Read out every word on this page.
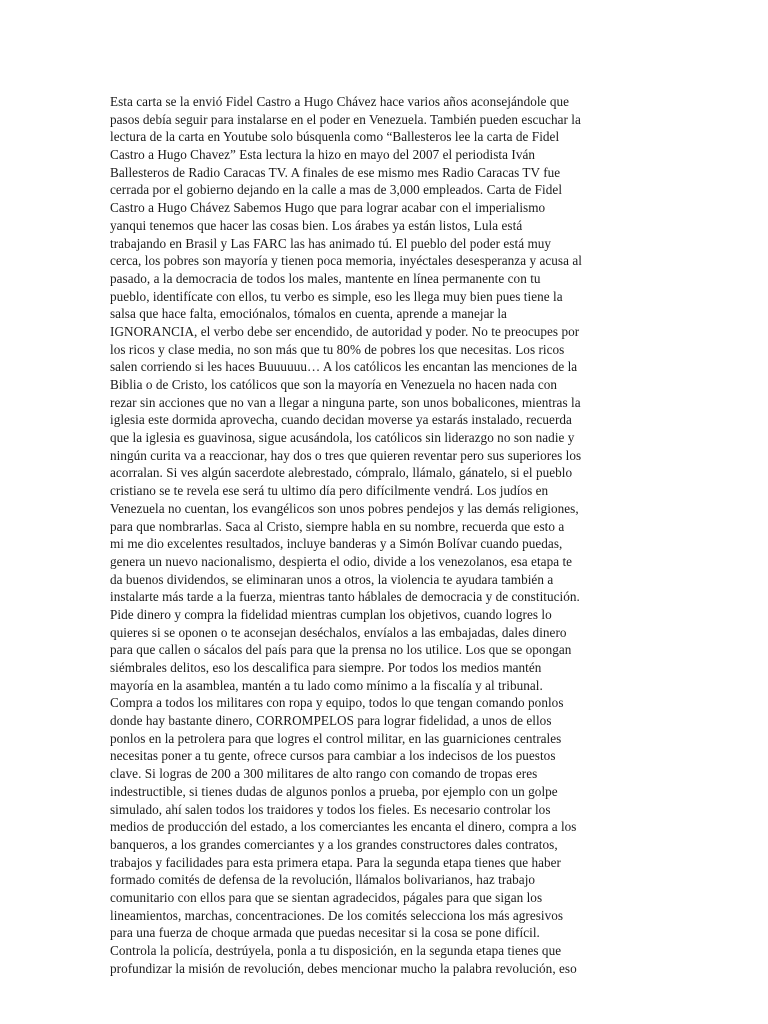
Esta carta se la envió Fidel Castro a Hugo Chávez hace varios años aconsejándole que
pasos debía seguir para instalarse en el poder en Venezuela. También pueden escuchar la
lectura de la carta en Youtube solo búsquenla como “Ballesteros lee la carta de Fidel
Castro a Hugo Chavez” Esta lectura la hizo en mayo del 2007 el periodista Iván
Ballesteros de Radio Caracas TV. A finales de ese mismo mes Radio Caracas TV fue
cerrada por el gobierno dejando en la calle a mas de 3,000 empleados. Carta de Fidel
Castro a Hugo Chávez Sabemos Hugo que para lograr acabar con el imperialismo
yanqui tenemos que hacer las cosas bien. Los árabes ya están listos, Lula está
trabajando en Brasil y Las FARC las has animado tú. El pueblo del poder está muy
cerca, los pobres son mayoría y tienen poca memoria, inyéctales desesperanza y acusa al
pasado, a la democracia de todos los males, mantente en línea permanente con tu
pueblo, identifícate con ellos, tu verbo es simple, eso les llega muy bien pues tiene la
salsa que hace falta, emociónalos, tómalos en cuenta, aprende a manejar la
IGNORANCIA, el verbo debe ser encendido, de autoridad y poder. No te preocupes por
los ricos y clase media, no son más que tu 80% de pobres los que necesitas. Los ricos
salen corriendo si les haces Buuuuuu… A los católicos les encantan las menciones de la
Biblia o de Cristo, los católicos que son la mayoría en Venezuela no hacen nada con
rezar sin acciones que no van a llegar a ninguna parte, son unos bobalicones, mientras la
iglesia este dormida aprovecha, cuando decidan moverse ya estarás instalado, recuerda
que la iglesia es guavinosa, sigue acusándola, los católicos sin liderazgo no son nadie y
ningún curita va a reaccionar, hay dos o tres que quieren reventar pero sus superiores los
acorralan. Si ves algún sacerdote alebrestado, cómpralo, llámalo, gánatelo, si el pueblo
cristiano se te revela ese será tu ultimo día pero difícilmente vendrá. Los judíos en
Venezuela no cuentan, los evangélicos son unos pobres pendejos y las demás religiones,
para que nombrarlas. Saca al Cristo, siempre habla en su nombre, recuerda que esto a
mi me dio excelentes resultados, incluye banderas y a Simón Bolívar cuando puedas,
genera un nuevo nacionalismo, despierta el odio, divide a los venezolanos, esa etapa te
da buenos dividendos, se eliminaran unos a otros, la violencia te ayudara también a
instalarte más tarde a la fuerza, mientras tanto háblales de democracia y de constitución.
Pide dinero y compra la fidelidad mientras cumplan los objetivos, cuando logres lo
quieres si se oponen o te aconsejan deséchalos, envíalos a las embajadas, dales dinero
para que callen o sácalos del país para que la prensa no los utilice. Los que se opongan
siémbrales delitos, eso los descalifica para siempre. Por todos los medios mantén
mayoría en la asamblea, mantén a tu lado como mínimo a la fiscalía y al tribunal.
Compra a todos los militares con ropa y equipo, todos lo que tengan comando ponlos
donde hay bastante dinero, CORROMPELOS para lograr fidelidad, a unos de ellos
ponlos en la petrolera para que logres el control militar, en las guarniciones centrales
necesitas poner a tu gente, ofrece cursos para cambiar a los indecisos de los puestos
clave. Si logras de 200 a 300 militares de alto rango con comando de tropas eres
indestructible, si tienes dudas de algunos ponlos a prueba, por ejemplo con un golpe
simulado, ahí salen todos los traidores y todos los fieles. Es necesario controlar los
medios de producción del estado, a los comerciantes les encanta el dinero, compra a los
banqueros, a los grandes comerciantes y a los grandes constructores dales contratos,
trabajos y facilidades para esta primera etapa. Para la segunda etapa tienes que haber
formado comités de defensa de la revolución, llámalos bolivarianos, haz trabajo
comunitario con ellos para que se sientan agradecidos, págales para que sigan los
lineamientos, marchas, concentraciones. De los comités selecciona los más agresivos
para una fuerza de choque armada que puedas necesitar si la cosa se pone difícil.
Controla la policía, destrúyela, ponla a tu disposición, en la segunda etapa tienes que
profundizar la misión de revolución, debes mencionar mucho la palabra revolución, eso
